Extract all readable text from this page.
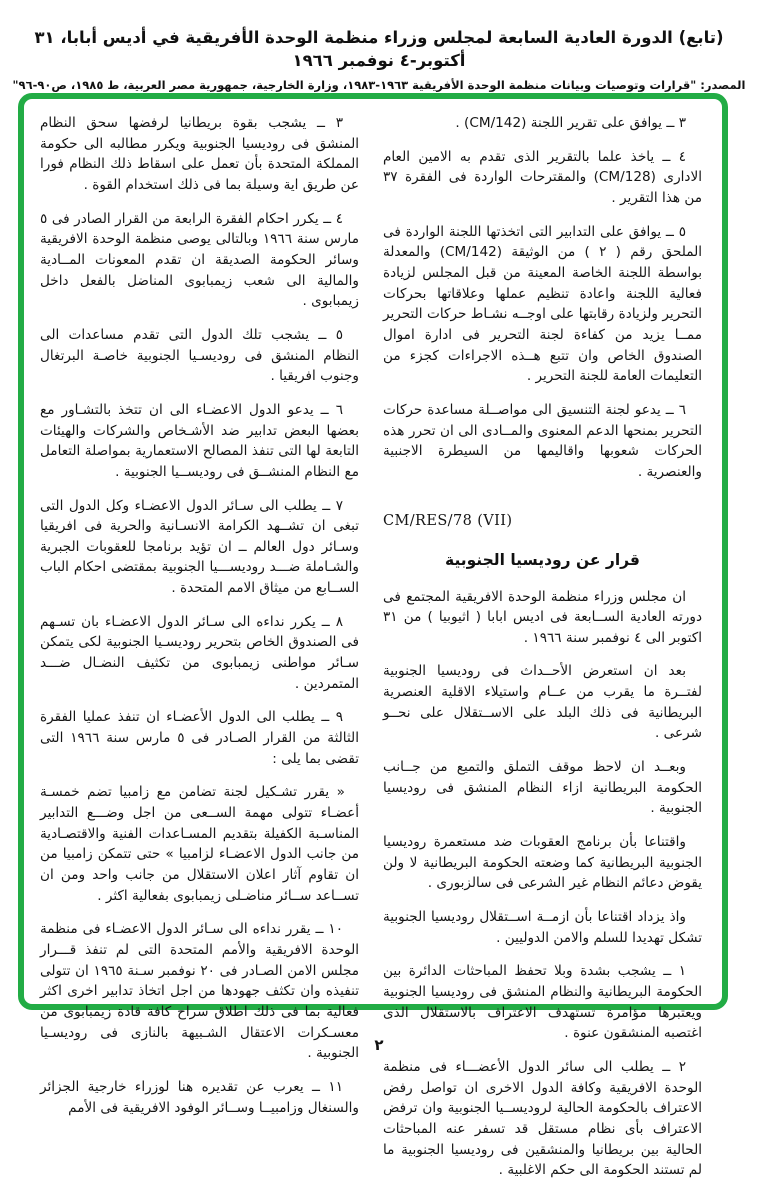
(تابع) الدورة العادية السابعة لمجلس وزراء منظمة الوحدة الأفريقية في أديس أبابا، ٣١ أكتوبر-٤ نوفمبر ١٩٦٦
المصدر: "قرارات وتوصيات وبيانات منظمة الوحدة الأفريقية ١٩٦٣-١٩٨٣، وزارة الخارجية، جمهورية مصر العربية، ط ١٩٨٥، ص٩٠-٩٦"

٣ ــ يوافق على تقرير اللجنة (CM/142) .

٤ ــ ياخذ علما بالتقرير الذى تقدم به الامين العام الادارى (CM/128) والمقترحات الواردة فى الفقرة ٣٧ من هذا التقرير .

٥ ــ يوافق على التدابير التى اتخذتها اللجنة الواردة فى الملحق رقم ( ٢ ) من الوثيقة (CM/142) والمعدلة بواسطة اللجنة الخاصة المعينة من قبل المجلس لزيادة فعالية اللجنة واعادة تنظيم عملها وعلاقاتها بحركات التحرير ولزيادة رقابتها على اوجــه نشـاط حركات التحرير ممــا يزيد من كفاءة لجنة التحرير فى ادارة اموال الصندوق الخاص وان تتبع هــذه الاجراءات كجزء من التعليمات العامة للجنة التحرير .

٦ ــ يدعو لجنة التنسيق الى مواصــلة مساعدة حركات التحرير بمنحها الدعم المعنوى والمــادى الى ان تحرر هذه الحركات شعوبها واقاليمها من السيطرة الاجنبية والعنصرية .

CM/RES/78 (VII)
قرار عن روديسيا الجنوبية

ان مجلس وزراء منظمة الوحدة الافريقية المجتمع فى دورته العادية الســابعة فى اديس ابابا ( اثيوبيا ) من ٣١ اكتوبر الى ٤ نوفمبر سنة ١٩٦٦ .

بعد ان استعرض الأحــداث فى روديسيا الجنوبية لفتــرة ما يقرب من عــام واستيلاء الاقلية العنصرية البريطانية فى ذلك البلد على الاســتقلال على نحــو شرعى .

وبعــد ان لاحظ موقف التملق والتميع من جــانب الحكومة البريطانية ازاء النظام المنشق فى روديسيا الجنوبية .

واقتناعا بأن برنامج العقوبات ضد مستعمرة روديسيا الجنوبية البريطانية كما وضعته الحكومة البريطانية لا ولن يقوض دعائم النظام غير الشرعى فى سالزبورى .

واذ يزداد اقتناعا بأن ازمــة اســتقلال روديسيا الجنوبية تشكل تهديدا للسلم والامن الدوليين .

١ ــ يشجب بشدة وبلا تحفظ المباحثات الدائرة بين الحكومة البريطانية والنظام المنشق فى روديسيا الجنوبية ويعتبرها مؤامرة تستهدف الاعتراف بالاستقلال الذى اغتصبه المنشقون عنوة .

٢ ــ يطلب الى سائر الدول الأعضـــاء فى منظمة الوحدة الافريقية وكافة الدول الاخرى ان تواصل رفض الاعتراف بالحكومة الحالية لروديســيا الجنوبية وان ترفض الاعتراف بأى نظام مستقل قد تسفر عنه المباحثات الحالية بين بريطانيا والمنشقين فى روديسيا الجنوبية ما لم تستند الحكومة الى حكم الاغلبية .

٣ ــ يشجب بقوة بريطانيا لرفضها سحق النظام المنشق فى روديسيا الجنوبية ويكرر مطالبه الى حكومة المملكة المتحدة بأن تعمل على اسقاط ذلك النظام فورا عن طريق اية وسيلة بما فى ذلك استخدام القوة .

٤ ــ يكرر احكام الفقرة الرابعة من القرار الصادر فى ٥ مارس سنة ١٩٦٦ وبالتالى يوصى منظمة الوحدة الافريقية وسائر الحكومة الصديقة ان تقدم المعونات المــادية والمالية الى شعب زيمبابوى المناضل بالفعل داخل زيمبابوى .

٥ ــ يشجب تلك الدول التى تقدم مساعدات الى النظام المنشق فى روديسـيا الجنوبية خاصـة البرتغال وجنوب افريقيا .

٦ ــ يدعو الدول الاعضـاء الى ان تتخذ بالتشـاور مع بعضها البعض تدابير ضد الأشـخاص والشركات والهيئات التابعة لها التى تنفذ المصالح الاستعمارية بمواصلة التعامل مع النظام المنشــق فى روديســيا الجنوبية .

٧ ــ يطلب الى سـائر الدول الاعضـاء وكل الدول التى تبغى ان تشــهد الكرامة الانسـانية والحرية فى افريقيا وسـائر دول العالم ــ ان تؤيد برنامجا للعقوبات الجبرية والشـاملة ضـــد روديســـيا الجنوبية بمقتضى احكام الباب الســابع من ميثاق الامم المتحدة .

٨ ــ يكرر نداءه الى سـائر الدول الاعضـاء بان تسـهم فى الصندوق الخاص بتحرير روديسـيا الجنوبية لكى يتمكن سـائر مواطنى زيمبابوى من تكثيف النضـال ضـــد المتمردين .

٩ ــ يطلب الى الدول الأعضـاء ان تنفذ عمليا الفقرة الثالثة من القرار الصـادر فى ٥ مارس سنة ١٩٦٦ التى تقضى بما يلى :

« يقرر تشـكيل لجنة تضامن مع زامبيا تضم خمسـة أعضـاء تتولى مهمة الســعى من اجل وضـــع التدابير المناسـبة الكفيلة بتقديم المسـاعدات الفنية والاقتصـادية من جانب الدول الاعضـاء لزامبيا » حتى تتمكن زامبيا من ان تقاوم آثار اعلان الاستقلال من جانب واحد ومن ان تســاعد ســائر مناضـلى زيمبابوى بفعالية اكثر .

١٠ ــ يقرر نداءه الى سـائر الدول الاعضـاء فى منظمة الوحدة الافريقية والأمم المتحدة التى لم تنفذ قـــرار مجلس الامن الصـادر فى ٢٠ نوفمبر سـنة ١٩٦٥ ان تتولى تنفيذه وان تكثف جهودها من اجل اتخاذ تدابير اخرى اكثر فعالية بما فى ذلك اطلاق سراح كافة قادة زيمبابوى من معسـكرات الاعتقال الشـبيهة بالنازى فى روديسـيا الجنوبية .

١١ ــ يعرب عن تقديره هنا لوزراء خارجية الجزائر والسنغال وزامبيــا وســائر الوفود الافريقية فى الأمم

٢
